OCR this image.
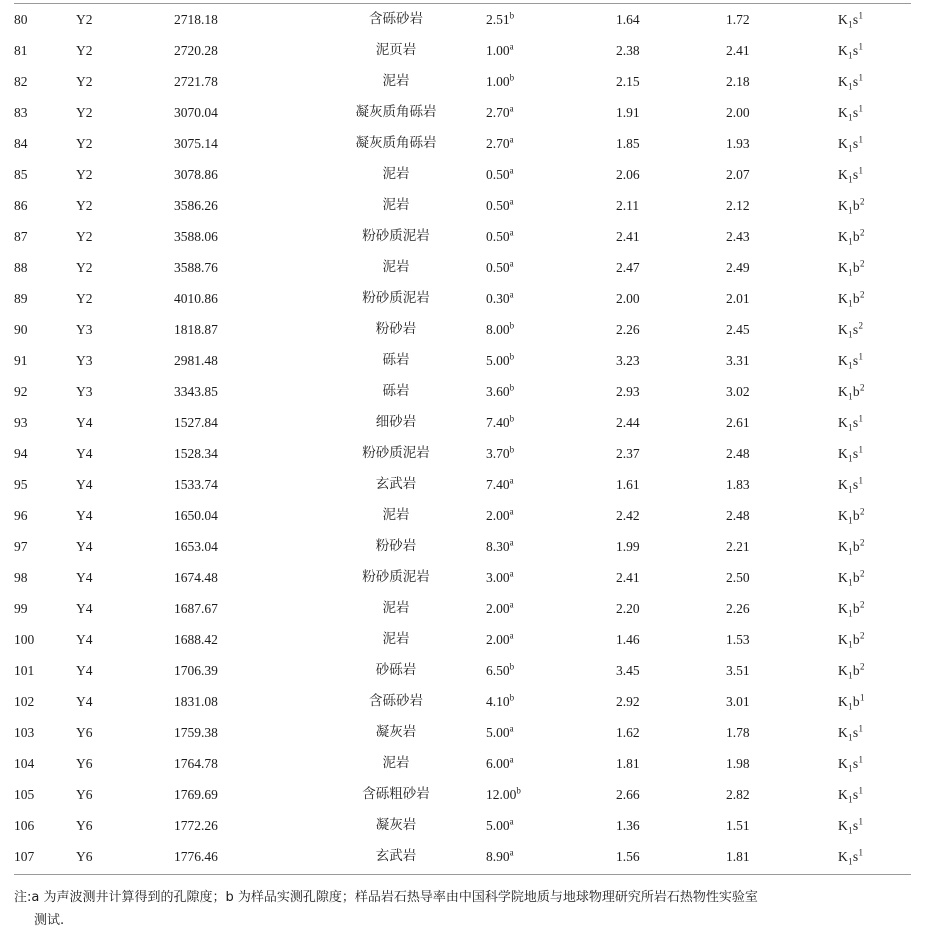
80	Y2	2718.18	含砾砂岩	2.51$^b$	1.64	1.72	$K_1s^1$
81	Y2	2720.28	泥页岩	1.00$^a$	2.38	2.41	$K_1s^1$
82	Y2	2721.78	泥岩	1.00$^b$	2.15	2.18	$K_1s^1$
83	Y2	3070.04	凝灰质角砾岩	2.70$^a$	1.91	2.00	$K_1s^1$
84	Y2	3075.14	凝灰质角砾岩	2.70$^a$	1.85	1.93	$K_1s^1$
85	Y2	3078.86	泥岩	0.50$^a$	2.06	2.07	$K_1s^1$
86	Y2	3586.26	泥岩	0.50$^a$	2.11	2.12	$K_1b^2$
87	Y2	3588.06	粉砂质泥岩	0.50$^a$	2.41	2.43	$K_1b^2$
88	Y2	3588.76	泥岩	0.50$^a$	2.47	2.49	$K_1b^2$
89	Y2	4010.86	粉砂质泥岩	0.30$^a$	2.00	2.01	$K_1b^2$
90	Y3	1818.87	粉砂岩	8.00$^b$	2.26	2.45	$K_1s^2$
91	Y3	2981.48	砾岩	5.00$^b$	3.23	3.31	$K_1s^1$
92	Y3	3343.85	砾岩	3.60$^b$	2.93	3.02	$K_1b^2$
93	Y4	1527.84	细砂岩	7.40$^b$	2.44	2.61	$K_1s^1$
94	Y4	1528.34	粉砂质泥岩	3.70$^b$	2.37	2.48	$K_1s^1$
95	Y4	1533.74	玄武岩	7.40$^a$	1.61	1.83	$K_1s^1$
96	Y4	1650.04	泥岩	2.00$^a$	2.42	2.48	$K_1b^2$
97	Y4	1653.04	粉砂岩	8.30$^a$	1.99	2.21	$K_1b^2$
98	Y4	1674.48	粉砂质泥岩	3.00$^a$	2.41	2.50	$K_1b^2$
99	Y4	1687.67	泥岩	2.00$^a$	2.20	2.26	$K_1b^2$
100	Y4	1688.42	泥岩	2.00$^a$	1.46	1.53	$K_1b^2$
101	Y4	1706.39	砂砾岩	6.50$^b$	3.45	3.51	$K_1b^2$
102	Y4	1831.08	含砾砂岩	4.10$^b$	2.92	3.01	$K_1b^1$
103	Y6	1759.38	凝灰岩	5.00$^a$	1.62	1.78	$K_1s^1$
104	Y6	1764.78	泥岩	6.00$^a$	1.81	1.98	$K_1s^1$
105	Y6	1769.69	含砾粗砂岩	12.00$^b$	2.66	2.82	$K_1s^1$
106	Y6	1772.26	凝灰岩	5.00$^a$	1.36	1.51	$K_1s^1$
107	Y6	1776.46	玄武岩	8.90$^a$	1.56	1.81	$K_1s^1$
注:a 为声波测井计算得到的孔隙度；b 为样品实测孔隙度；样品岩石热导率由中国科学院地质与地球物理研究所岩石热物性实验室
测试.
